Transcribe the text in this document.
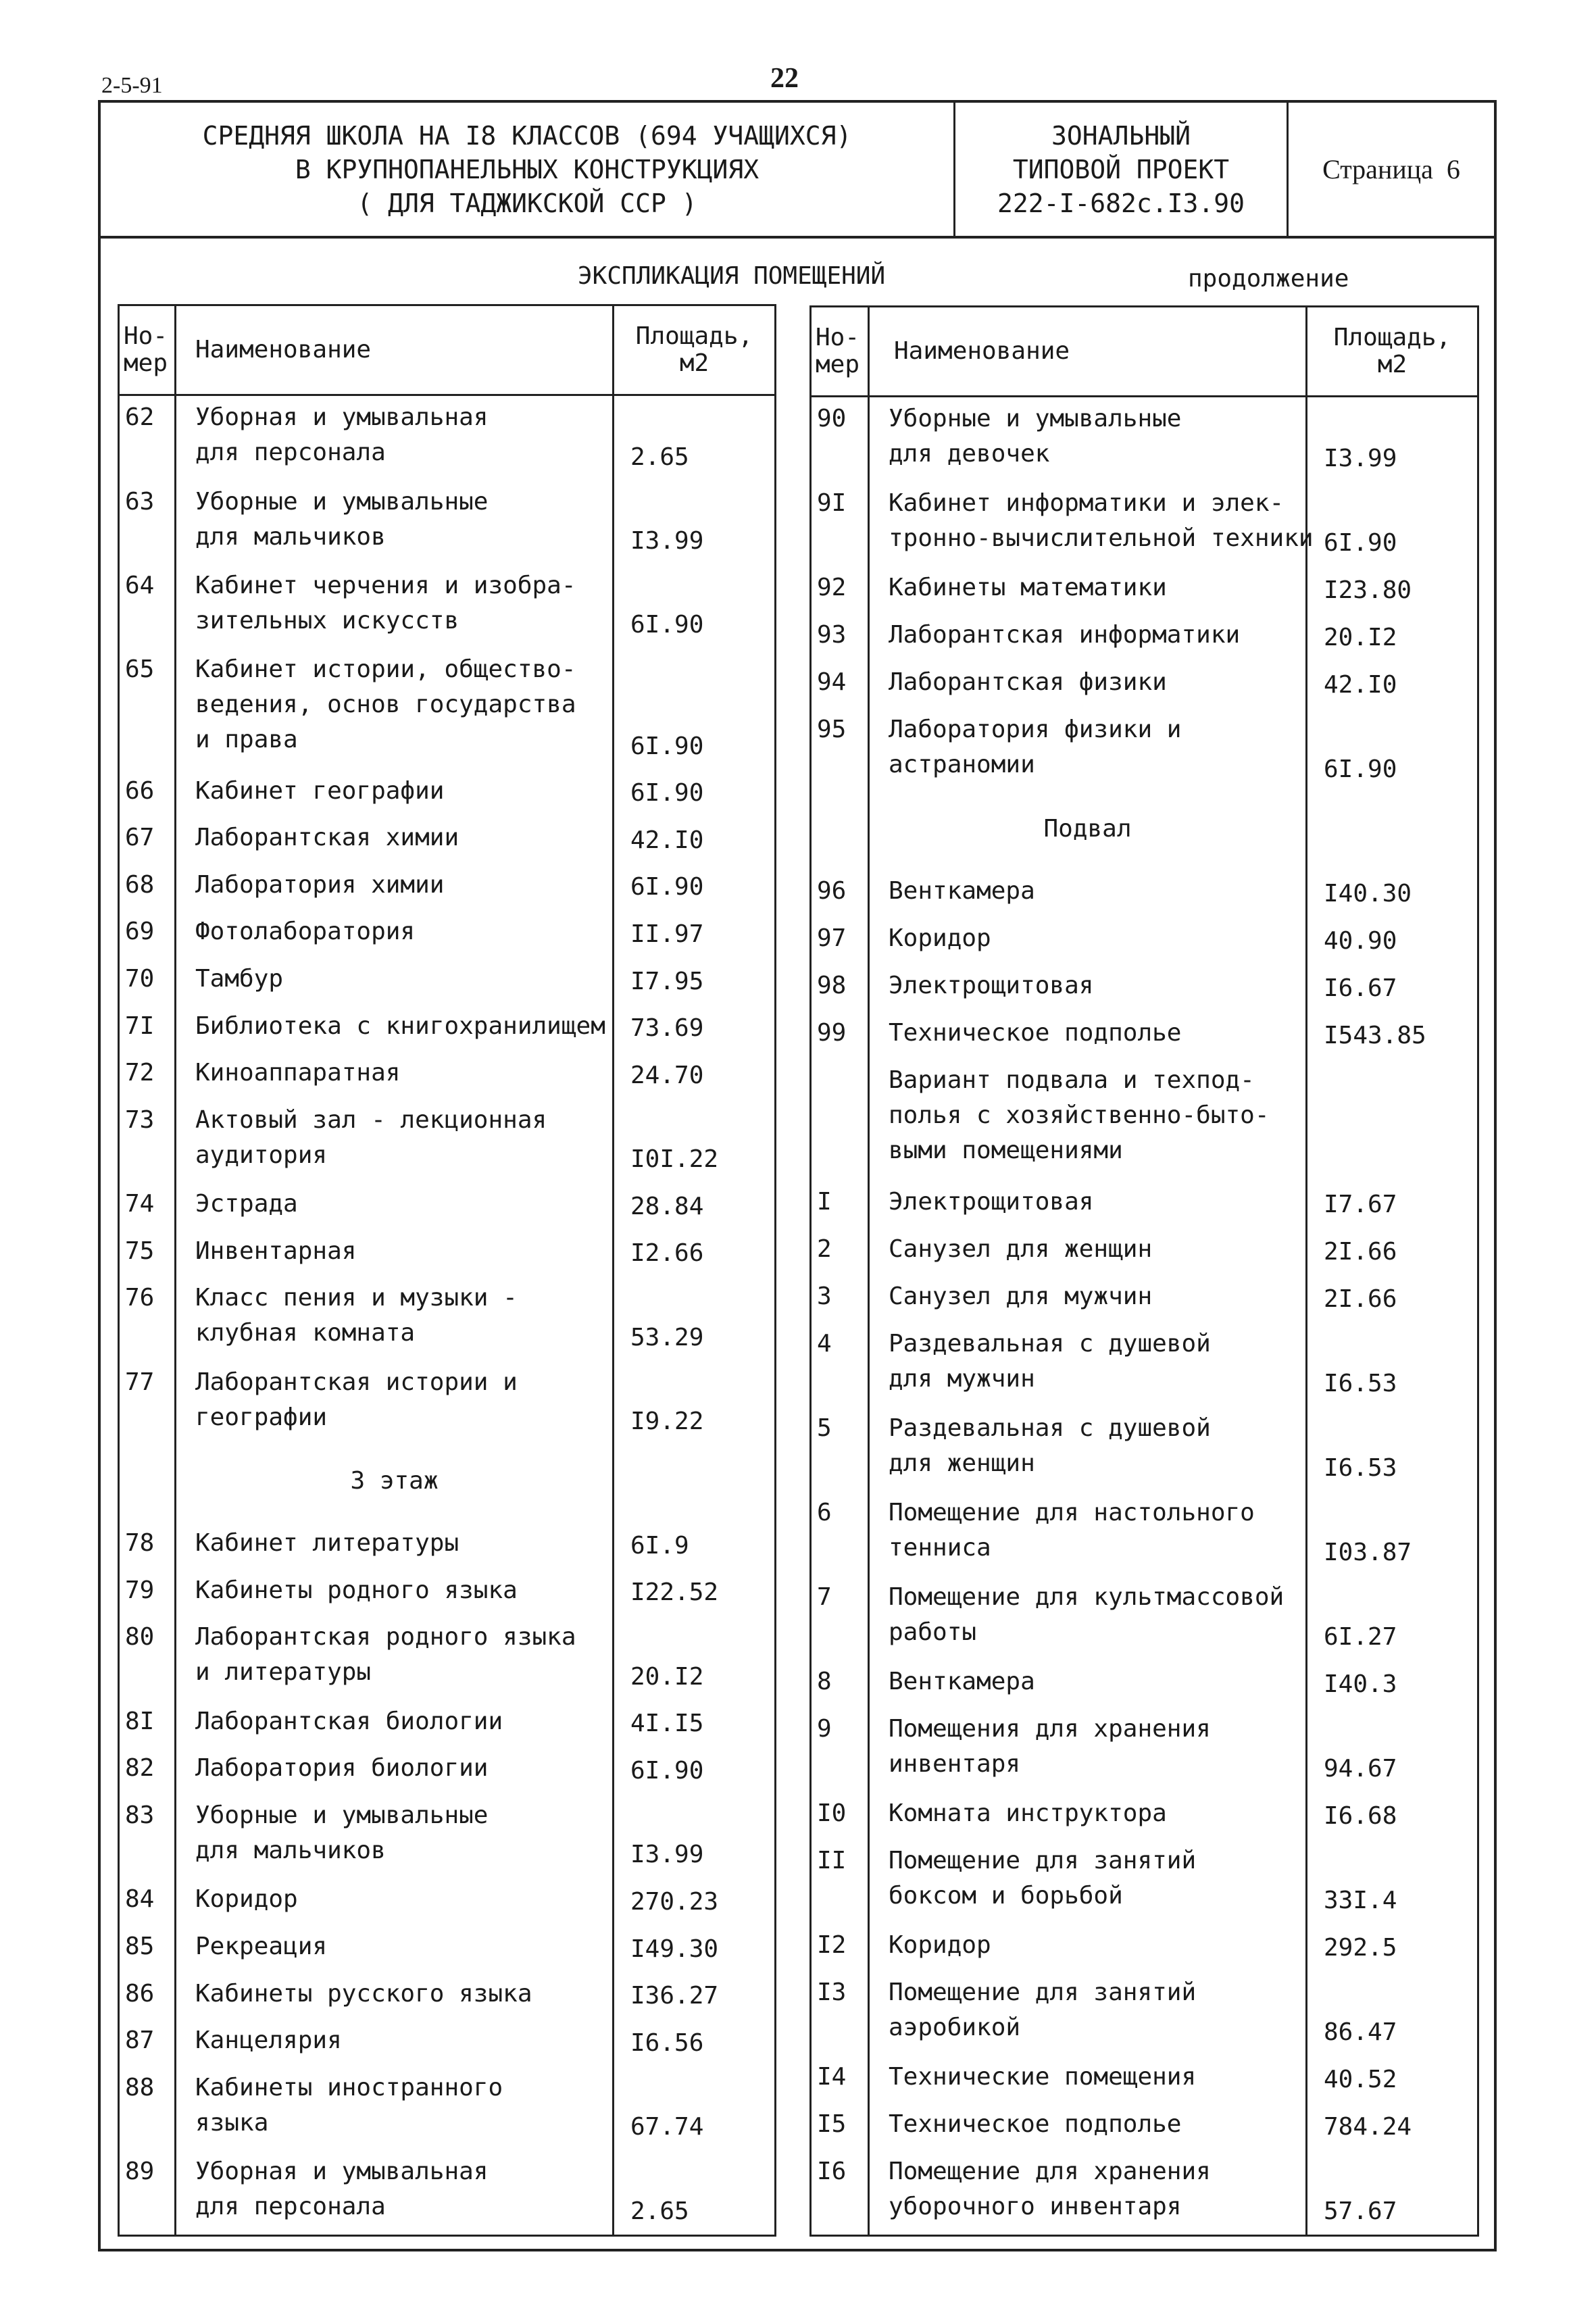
2-5-91	22
СРЕДНЯЯ ШКОЛА НА I8 КЛАССОВ (694 УЧАЩИХСЯ)
В КРУПНОПАНЕЛЬНЫХ КОНСТРУКЦИЯХ
( ДЛЯ ТАДЖИКСКОЙ ССР )
ЗОНАЛЬНЫЙ
ТИПОВОЙ ПРОЕКТ
222-I-682с.I3.90
Страница 6
ЭКСПЛИКАЦИЯ ПОМЕЩЕНИЙ	продолжение
Но-
мер	Наименование	Площадь,
м2

62	Уборная и умывальная
для персонала	2.65
63	Уборные и умывальные
для мальчиков	I3.99
64	Кабинет черчения и изобра-
зительных искусств	6I.90
65	Кабинет истории, общество-
ведения, основ государства
и права	6I.90
66	Кабинет географии	6I.90
67	Лаборантская химии	42.I0
68	Лаборатория химии	6I.90
69	Фотолаборатория	II.97
70	Тамбур	I7.95
7I	Библиотека с книгохранилищем	73.69
72	Киноаппаратная	24.70
73	Актовый зал - лекционная
аудитория	I0I.22
74	Эстрада	28.84
75	Инвентарная	I2.66
76	Класс пения и музыки -
клубная комната	53.29
77	Лаборантская истории и
географии	I9.22

	3 этаж	

78	Кабинет литературы	6I.9
79	Кабинеты родного языка	I22.52
80	Лаборантская родного языка
и литературы	20.I2
8I	Лаборантская биологии	4I.I5
82	Лаборатория биологии	6I.90
83	Уборные и умывальные
для мальчиков	I3.99
84	Коридор	270.23
85	Рекреация	I49.30
86	Кабинеты русского языка	I36.27
87	Канцелярия	I6.56
88	Кабинеты иностранного
языка	67.74
89	Уборная и умывальная
для персонала	2.65

Но-
мер	Наименование	Площадь,
м2

90	Уборные и умывальные
для девочек	I3.99
9I	Кабинет информатики и элек-
тронно-вычислительной техники	6I.90
92	Кабинеты математики	I23.80
93	Лаборантская информатики	20.I2
94	Лаборантская физики	42.I0
95	Лаборатория физики и
астраномии	6I.90

	Подвал	

96	Венткамера	I40.30
97	Коридор	40.90
98	Электрощитовая	I6.67
99	Техническое подполье	I543.85

	Вариант подвала и техпод-
полья с хозяйственно-быто-
выми помещениями	

I	Электрощитовая	I7.67
2	Санузел для женщин	2I.66
3	Санузел для мужчин	2I.66
4	Раздевальная с душевой
для мужчин	I6.53
5	Раздевальная с душевой
для женщин	I6.53
6	Помещение для настольного
тенниса	I03.87
7	Помещение для культмассовой
работы	6I.27
8	Венткамера	I40.3
9	Помещения для хранения
инвентаря	94.67
I0	Комната инструктора	I6.68
II	Помещение для занятий
боксом и борьбой	33I.4
I2	Коридор	292.5
I3	Помещение для занятий
аэробикой	86.47
I4	Технические помещения	40.52
I5	Техническое подполье	784.24
I6	Помещение для хранения
уборочного инвентаря	57.67
